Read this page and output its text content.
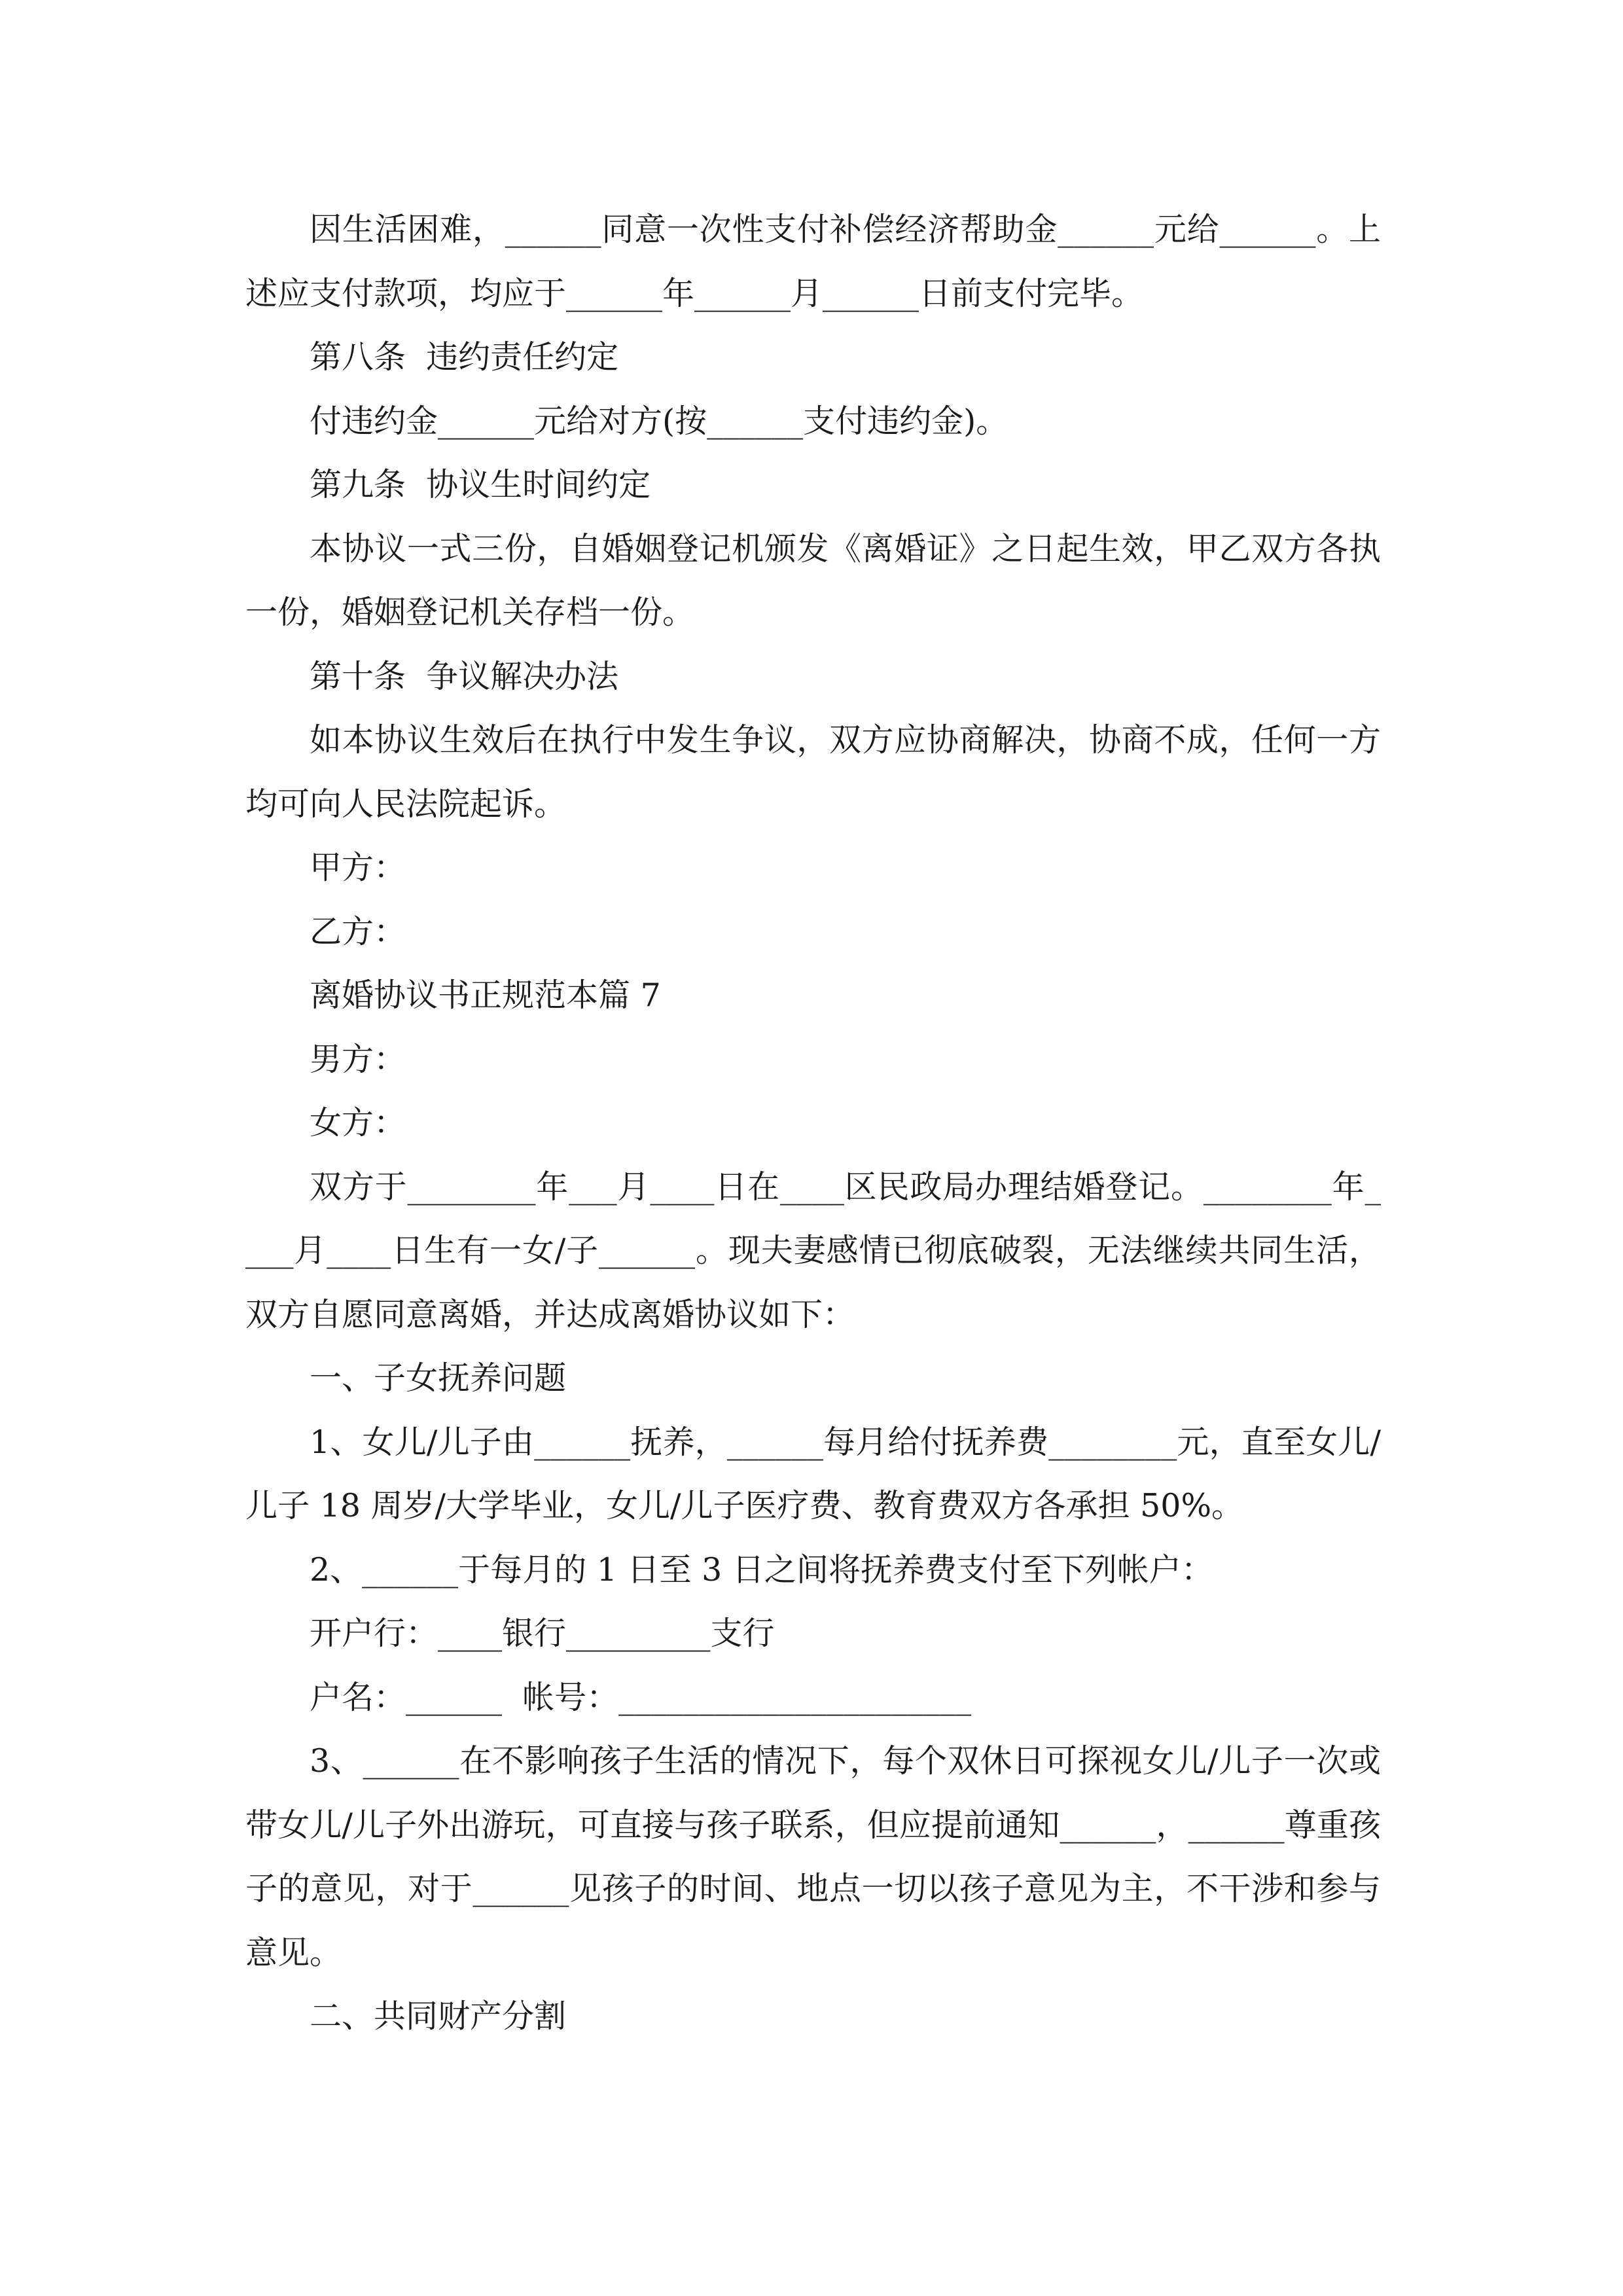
因生活困难，______同意一次性支付补偿经济帮助金______元给______。上述应支付款项，均应于______年______月______日前支付完毕。

第八条  违约责任约定

付违约金______元给对方(按______支付违约金)。

第九条  协议生时间约定

本协议一式三份，自婚姻登记机颁发《离婚证》之日起生效，甲乙双方各执一份，婚姻登记机关存档一份。

第十条  争议解决办法

如本协议生效后在执行中发生争议，双方应协商解决，协商不成，任何一方均可向人民法院起诉。

甲方：

乙方：

离婚协议书正规范本篇 7

男方：

女方：

双方于________年___月____日在____区民政局办理结婚登记。________年____月____日生有一女/子______。现夫妻感情已彻底破裂，无法继续共同生活，双方自愿同意离婚，并达成离婚协议如下：

一、子女抚养问题

1、女儿/儿子由______抚养，______每月给付抚养费________元，直至女儿/儿子 18 周岁/大学毕业，女儿/儿子医疗费、教育费双方各承担 50%。

2、______于每月的 1 日至 3 日之间将抚养费支付至下列帐户：

开户行：____银行_________支行

户名：______  帐号：______________________

3、______在不影响孩子生活的情况下，每个双休日可探视女儿/儿子一次或带女儿/儿子外出游玩，可直接与孩子联系，但应提前通知______，______尊重孩子的意见，对于______见孩子的时间、地点一切以孩子意见为主，不干涉和参与意见。

二、共同财产分割
